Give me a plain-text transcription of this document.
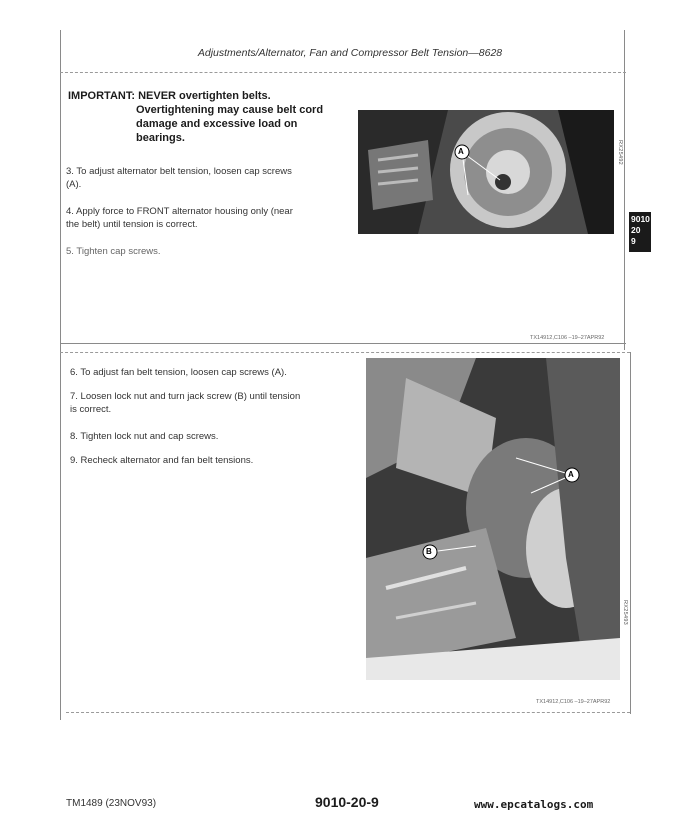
Adjustments/Alternator, Fan and Compressor Belt Tension—8628
IMPORTANT: NEVER overtighten belts.
Overtightening may cause belt cord
damage and excessive load on
bearings.
3. To adjust alternator belt tension, loosen cap screws
(A).
4. Apply force to FRONT alternator housing only (near
the belt) until tension is correct.
5. Tighten cap screws.
A	RX25492
9010
20
9
TX14912,C106 –19–27APR92
6. To adjust fan belt tension, loosen cap screws (A).
7. Loosen lock nut and turn jack screw (B) until tension
is correct.
8. Tighten lock nut and cap screws.
9. Recheck alternator and fan belt tensions.
A
B
RX25493
TX14912,C106 –19–27APR92
TM1489 (23NOV93)	9010-20-9	www.epcatalogs.com
